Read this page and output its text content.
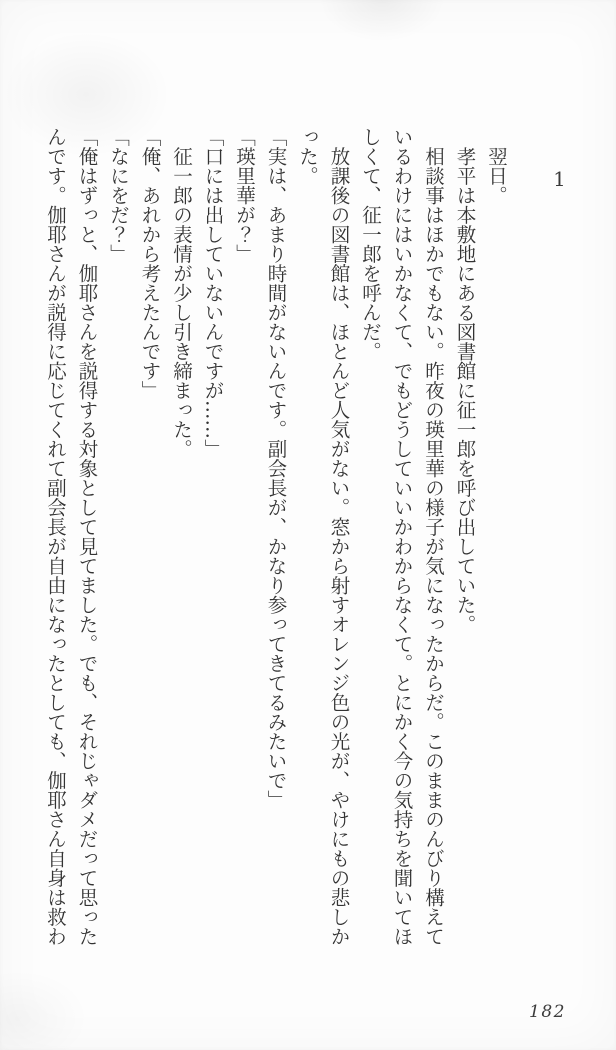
1
　翌日。
　孝平は本敷地にある図書館に征一郎を呼び出していた。
　相談事はほかでもない。昨夜の瑛里華の様子が気になったからだ。このままのんびり構えて
いるわけにはいかなくて、でもどうしていいかわからなくて。とにかく今の気持ちを聞いてほ
しくて、征一郎を呼んだ。
　放課後の図書館は、ほとんど人気がない。窓から射すオレンジ色の光が、やけにもの悲しか
った。
「実は、あまり時間がないんです。副会長が、かなり参ってきてるみたいで」
「瑛里華が？」
「口には出していないんですが……」
　征一郎の表情が少し引き締まった。
「俺、あれから考えたんです」
「なにをだ？」
「俺はずっと、伽耶さんを説得する対象として見てました。でも、それじゃダメだって思った
んです。伽耶さんが説得に応じてくれて副会長が自由になったとしても、伽耶さん自身は救わ
182
